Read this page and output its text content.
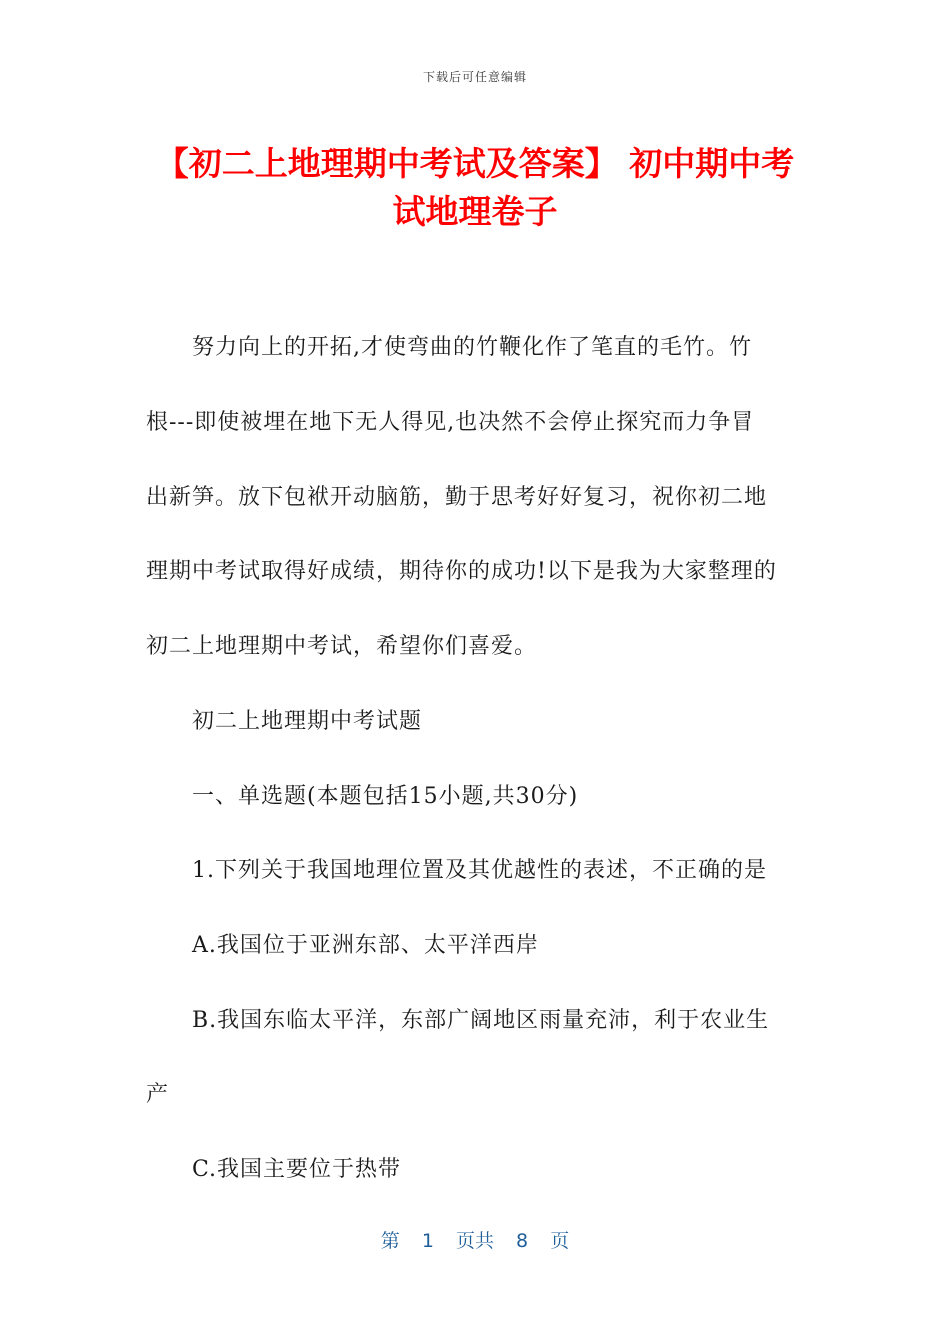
下载后可任意编辑
【初二上地理期中考试及答案】 初中期中考
试地理卷子
努力向上的开拓,才使弯曲的竹鞭化作了笔直的毛竹。竹
根---即使被埋在地下无人得见,也决然不会停止探究而力争冒
出新笋。放下包袱开动脑筋，勤于思考好好复习，祝你初二地
理期中考试取得好成绩，期待你的成功!以下是我为大家整理的
初二上地理期中考试，希望你们喜爱。
初二上地理期中考试题
一、单选题(本题包括15小题,共30分)
1.下列关于我国地理位置及其优越性的表述，不正确的是
A.我国位于亚洲东部、太平洋西岸
B.我国东临太平洋，东部广阔地区雨量充沛，利于农业生
产
C.我国主要位于热带
第 1 页共 8 页
